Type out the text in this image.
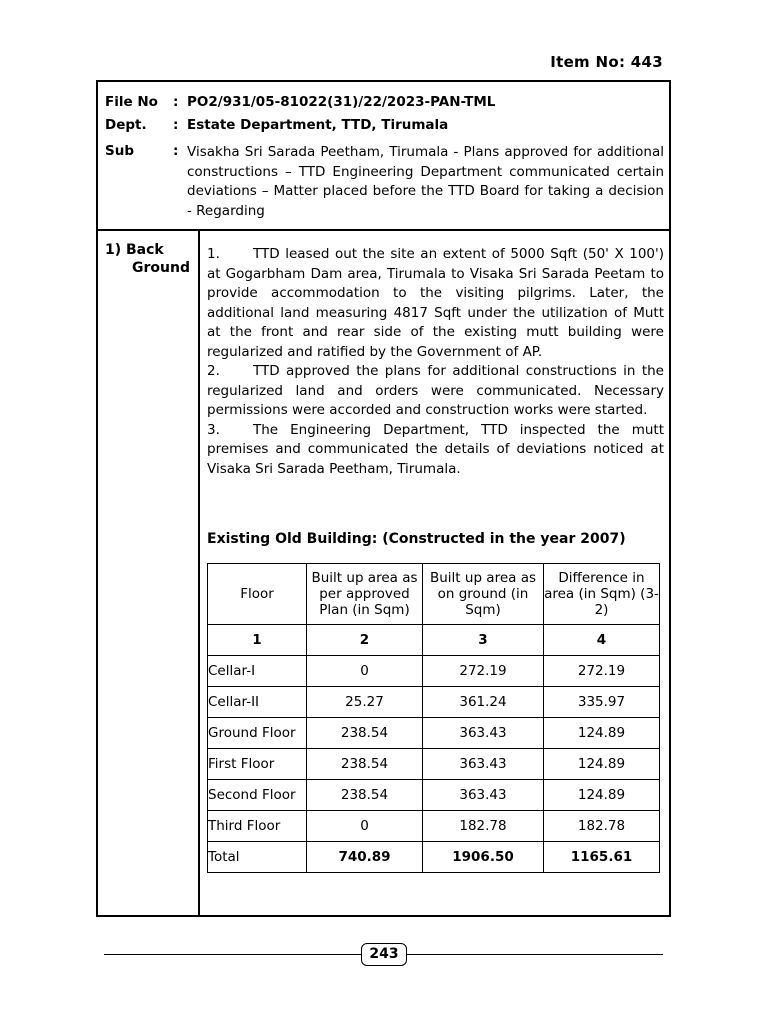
Item No: 443
File No	: PO2/931/05-81022(31)/22/2023-PAN-TML
Dept.	: Estate Department, TTD, Tirumala
Sub	: Visakha Sri Sarada Peetham, Tirumala - Plans approved for additional constructions – TTD Engineering Department communicated certain deviations – Matter placed before the TTD Board for taking a decision - Regarding
1) Back
Ground

1. TTD leased out the site an extent of 5000 Sqft (50' X 100') at Gogarbham Dam area, Tirumala to Visaka Sri Sarada Peetam to provide accommodation to the visiting pilgrims. Later, the additional land measuring 4817 Sqft under the utilization of Mutt at the front and rear side of the existing mutt building were regularized and ratified by the Government of AP.

2. TTD approved the plans for additional constructions in the regularized land and orders were communicated. Necessary permissions were accorded and construction works were started.

3. The Engineering Department, TTD inspected the mutt premises and communicated the details of deviations noticed at Visaka Sri Sarada Peetham, Tirumala.

Existing Old Building: (Constructed in the year 2007)
Floor	Built up area as per approved Plan (in Sqm)	Built up area as on ground (in Sqm)	Difference in area (in Sqm) (3-2)
1	2	3	4
Cellar-I	0	272.19	272.19
Cellar-II	25.27	361.24	335.97
Ground Floor	238.54	363.43	124.89
First Floor	238.54	363.43	124.89
Second Floor	238.54	363.43	124.89
Third Floor	0	182.78	182.78
Total	740.89	1906.50	1165.61
243
